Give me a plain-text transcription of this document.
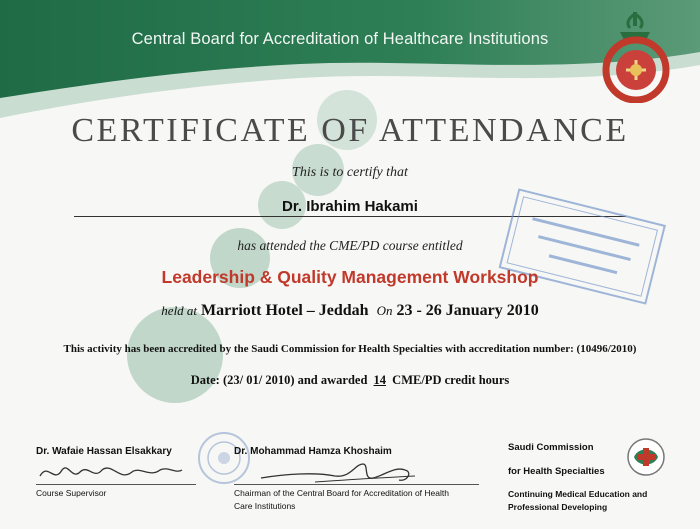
Central Board for Accreditation of Healthcare Institutions
CERTIFICATE OF ATTENDANCE
This is to certify that
Dr. Ibrahim Hakami
has attended the CME/PD course entitled
Leadership & Quality Management Workshop
held at Marriott Hotel – Jeddah On 23 - 26 January 2010
This activity has been accredited by the Saudi Commission for Health Specialties with accreditation number: (10496/2010)
Date: (23/ 01/ 2010) and awarded 14 CME/PD credit hours
Dr. Wafaie Hassan Elsakkary
Course Supervisor
Dr. Mohammad Hamza Khoshaim
Chairman of the Central Board for Accreditation of Health
Care Institutions
Saudi Commission
for Health Specialties
Continuing Medical Education and
Professional Developing
